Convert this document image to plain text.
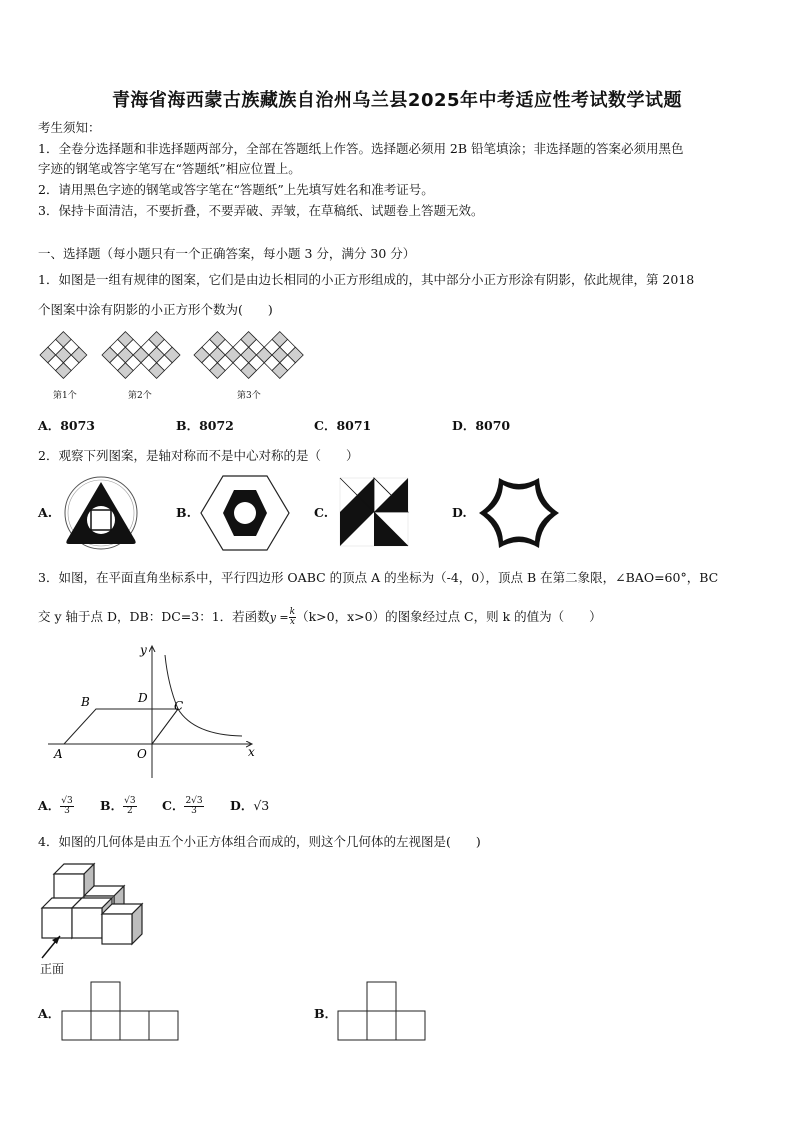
青海省海西蒙古族藏族自治州乌兰县2025年中考适应性考试数学试题
考生须知：
1．全卷分选择题和非选择题两部分，全部在答题纸上作答。选择题必须用 2B 铅笔填涂；非选择题的答案必须用黑色
字迹的钢笔或答字笔写在“答题纸”相应位置上。
2．请用黑色字迹的钢笔或答字笔在“答题纸”上先填写姓名和准考证号。
3．保持卡面清洁，不要折叠，不要弄破、弄皱，在草稿纸、试题卷上答题无效。
一、选择题（每小题只有一个正确答案，每小题 3 分，满分 30 分）
1．如图是一组有规律的图案，它们是由边长相同的小正方形组成的，其中部分小正方形涂有阴影，依此规律，第 2018
个图案中涂有阴影的小正方形个数为(　　)
第1个	第2个	第3个
A．8073	B．8072	C．8071	D．8070
2．观察下列图案，是轴对称而不是中心对称的是（　　）
A.	B.	C.	D.
3．如图，在平面直角坐标系中，平行四边形 OABC 的顶点 A 的坐标为（-4，0），顶点 B 在第二象限，∠BAO=60°，BC
交 y 轴于点 D，DB：DC=3：1．若函数$y = \frac{k}{x} (k>0$，x>0）的图象经过点 C，则 k 的值为（　　）
y
x
A
B	C
D
O
A． $\frac{√3}{3}$ B． $\frac{√3}{2}$ C． $\frac{2√3}{3}$ D．√3
4．如图的几何体是由五个小正方体组合而成的，则这个几何体的左视图是(　　)
正面
A．	B．
